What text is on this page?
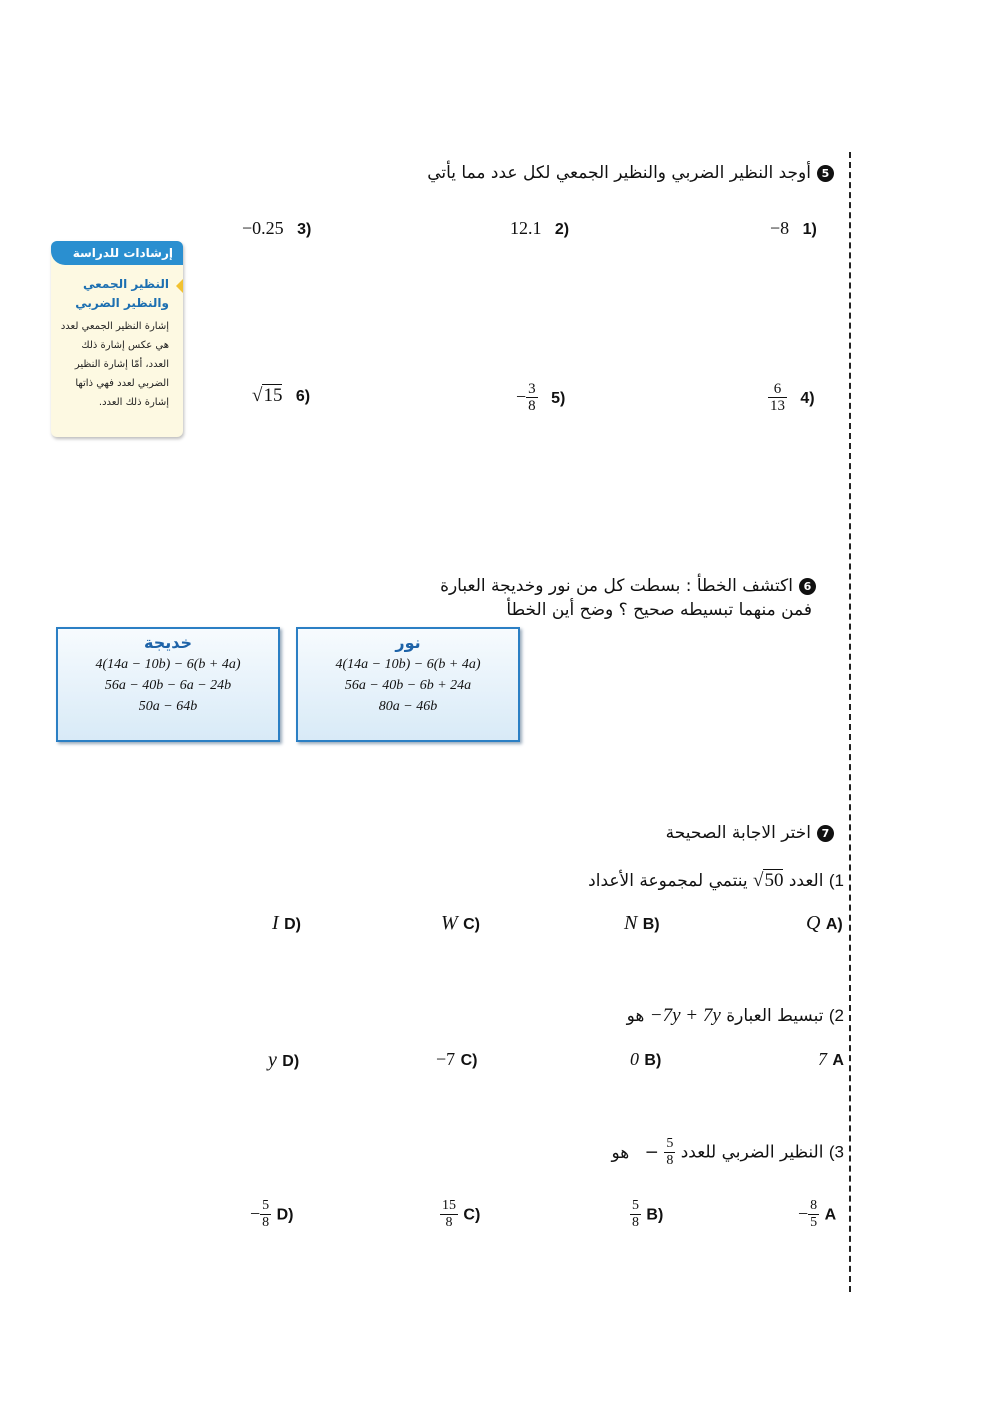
5أوجد النظير الضربي والنظير الجمعي لكل عدد مما يأتي
−8 1)
12.1 2)
−0.25 3)
$\frac{6}{13} 4$)
− $\frac{3}{8} 5$)
√15 6)
إرشادات للدراسة
النظير الجمعي
والنظير الضربي
إشارة النظير الجمعي لعدد هي عكس إشارة ذلك العدد، أمّا إشارة النظير الضربي لعدد فهي ذاتها إشارة ذلك العدد.
6اكتشف الخطأ : بسطت كل من نور وخديجة العبارة
فمن منهما تبسيطه صحيح ؟ وضح أين الخطأ
نور
4(14a − 10b) − 6(b + 4a)
56a − 40b − 6b + 24a
80a − 46b
خديجة
4(14a − 10b) − 6(b + 4a)
56a − 40b − 6a − 24b
50a − 64b
7اختر الاجابة الصحيحة
1) العدد √50 ينتمي لمجموعة الأعداد
Q A)
N B)
W C)
I D)
2) تبسيط العبارة −7y + 7y هو
7 A
0 B)
−7 C)
y D)
3) النظير الضربي للعدد − $\frac{5}{8}$
هو
− $\frac{8}{5}$ A
$\frac{5}{8} B$)
$\frac{15}{8} C$)
− $\frac{5}{8} D$)
